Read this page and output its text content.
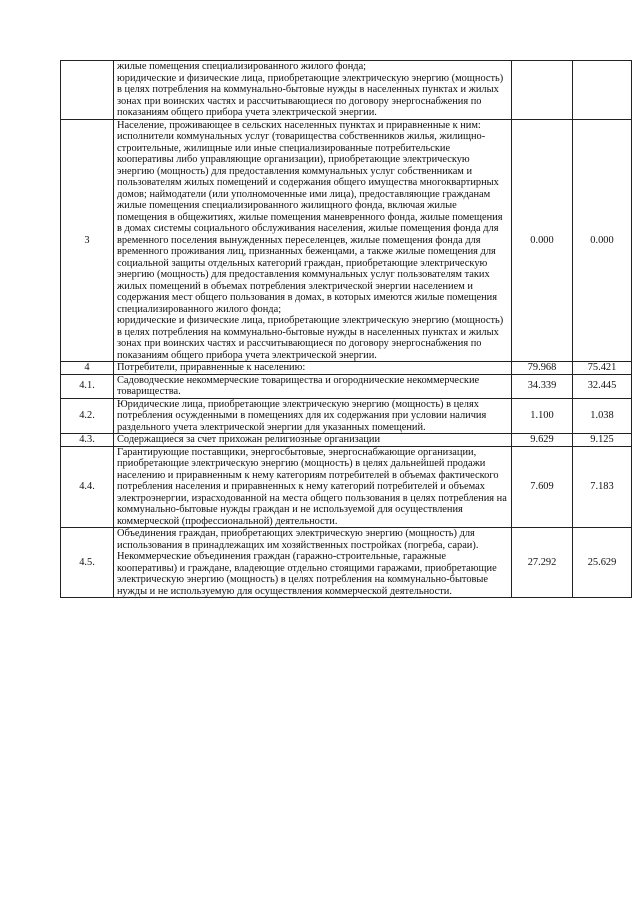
	жилые помещения специализированного жилого фонда;
юридические и физические лица, приобретающие электрическую энергию (мощность) в целях потребления на коммунально-бытовые нужды в населенных пунктах и жилых зонах при воинских частях и рассчитывающиеся по договору энергоснабжения по показаниям общего прибора учета электрической энергии.		

3	Население, проживающее в сельских населенных пунктах и приравненные к ним:
исполнители коммунальных услуг (товарищества собственников жилья, жилищно-строительные, жилищные или иные специализированные потребительские кооперативы либо управляющие организации), приобретающие электрическую энергию (мощность) для предоставления коммунальных услуг собственникам и пользователям жилых помещений и содержания общего имущества многоквартирных домов; наймодатели (или уполномоченные ими лица), предоставляющие гражданам жилые помещения специализированного жилищного фонда, включая жилые помещения в общежитиях, жилые помещения маневренного фонда, жилые помещения в домах системы социального обслуживания населения, жилые помещения фонда для временного поселения вынужденных переселенцев, жилые помещения фонда для временного проживания лиц, признанных беженцами, а также жилые помещения для социальной защиты отдельных категорий граждан, приобретающие электрическую энергию (мощность) для предоставления коммунальных услуг пользователям таких жилых помещений в объемах потребления электрической энергии населением и содержания мест общего пользования в домах, в которых имеются жилые помещения специализированного жилого фонда;
юридические и физические лица, приобретающие электрическую энергию (мощность) в целях потребления на коммунально-бытовые нужды в населенных пунктах и жилых зонах при воинских частях и рассчитывающиеся по договору энергоснабжения по показаниям общего прибора учета электрической энергии.	0.000	0.000
4	Потребители, приравненные к населению:	79.968	75.421
4.1.	Садоводческие некоммерческие товарищества и огороднические некоммерческие товарищества.	34.339	32.445
4.2.	Юридические лица, приобретающие электрическую энергию (мощность) в целях потребления осужденными в помещениях для их содержания при условии наличия раздельного учета электрической энергии для указанных помещений.	1.100	1.038
4.3.	Содержащиеся за счет прихожан религиозные организации	9.629	9.125
4.4.	Гарантирующие поставщики, энергосбытовые, энергоснабжающие организации, приобретающие электрическую энергию (мощность) в целях дальнейшей продажи населению и приравненным к нему категориям потребителей в объемах фактического потребления населения и приравненных к нему категорий потребителей и объемах электроэнергии, израсходованной на места общего пользования в целях потребления на коммунально-бытовые нужды граждан и не используемой для осуществления коммерческой (профессиональной) деятельности.	7.609	7.183
4.5.	Объединения граждан, приобретающих электрическую энергию (мощность) для использования в принадлежащих им хозяйственных постройках (погреба, сараи). Некоммерческие объединения граждан (гаражно-строительные, гаражные кооперативы) и граждане, владеющие отдельно стоящими гаражами, приобретающие электрическую энергию (мощность) в целях потребления на коммунально-бытовые нужды и не используемую для осуществления коммерческой деятельности.	27.292	25.629
